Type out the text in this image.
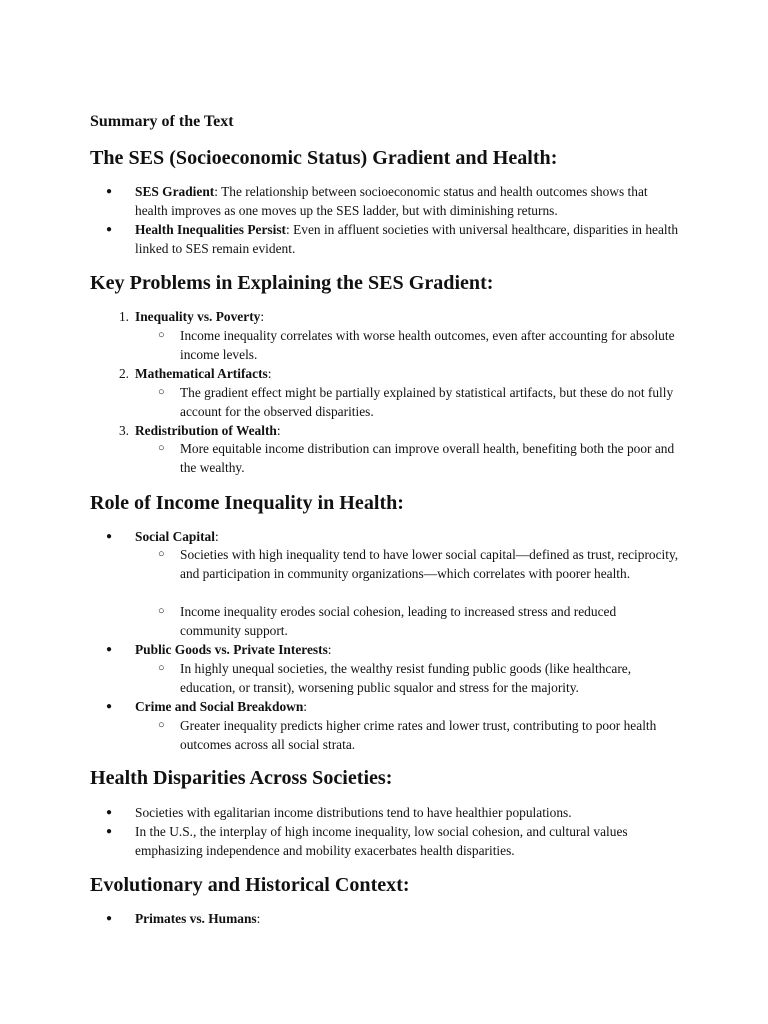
Summary of the Text
The SES (Socioeconomic Status) Gradient and Health:
●	SES Gradient: The relationship between socioeconomic status and health outcomes shows that health improves as one moves up the SES ladder, but with diminishing returns.
●	Health Inequalities Persist: Even in affluent societies with universal healthcare, disparities in health linked to SES remain evident.
Key Problems in Explaining the SES Gradient:
1. Inequality vs. Poverty:
○	Income inequality correlates with worse health outcomes, even after accounting for absolute income levels.
2. Mathematical Artifacts:
○	The gradient effect might be partially explained by statistical artifacts, but these do not fully account for the observed disparities.
3. Redistribution of Wealth:
○	More equitable income distribution can improve overall health, benefiting both the poor and the wealthy.
Role of Income Inequality in Health:
●	Social Capital:
○	Societies with high inequality tend to have lower social capital—defined as trust, reciprocity, and participation in community organizations—which correlates with poorer health.
○	Income inequality erodes social cohesion, leading to increased stress and reduced community support.
●	Public Goods vs. Private Interests:
○	In highly unequal societies, the wealthy resist funding public goods (like healthcare, education, or transit), worsening public squalor and stress for the majority.
●	Crime and Social Breakdown:
○	Greater inequality predicts higher crime rates and lower trust, contributing to poor health outcomes across all social strata.
Health Disparities Across Societies:
●	Societies with egalitarian income distributions tend to have healthier populations.
●	In the U.S., the interplay of high income inequality, low social cohesion, and cultural values emphasizing independence and mobility exacerbates health disparities.
Evolutionary and Historical Context:
●	Primates vs. Humans:
